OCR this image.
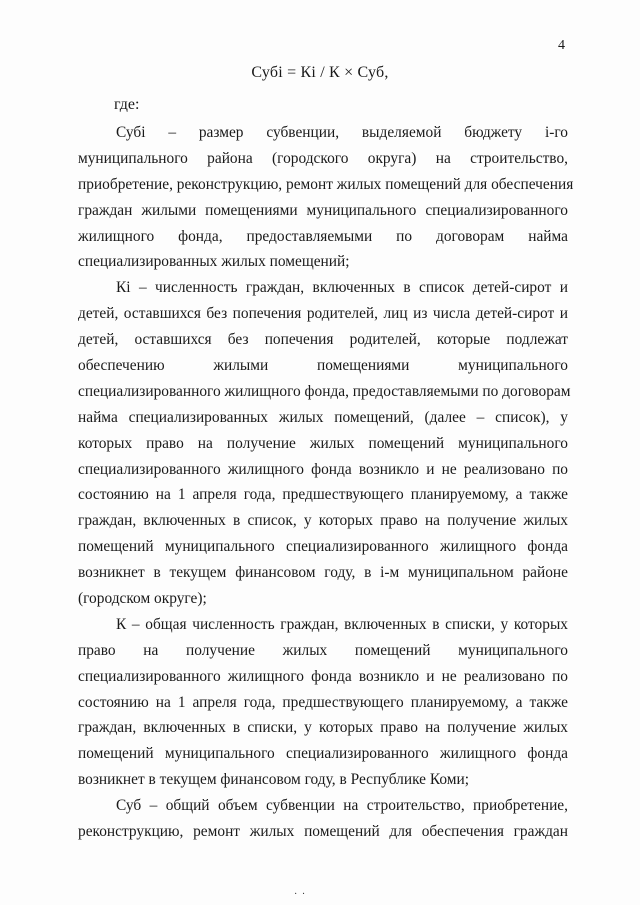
4
Субi = Кi / К × Суб,
где:
Субi – размер субвенции, выделяемой бюджету i-го
муниципального района (городского округа) на строительство,
приобретение, реконструкцию, ремонт жилых помещений для обеспечения
граждан жилыми помещениями муниципального специализированного
жилищного фонда, предоставляемыми по договорам найма
специализированных жилых помещений;
Кi – численность граждан, включенных в список детей-сирот и
детей, оставшихся без попечения родителей, лиц из числа детей-сирот и
детей, оставшихся без попечения родителей, которые подлежат
обеспечению жилыми помещениями муниципального
специализированного жилищного фонда, предоставляемыми по договорам
найма специализированных жилых помещений, (далее – список), у
которых право на получение жилых помещений муниципального
специализированного жилищного фонда возникло и не реализовано по
состоянию на 1 апреля года, предшествующего планируемому, а также
граждан, включенных в список, у которых право на получение жилых
помещений муниципального специализированного жилищного фонда
возникнет в текущем финансовом году, в i-м муниципальном районе
(городском округе);
К – общая численность граждан, включенных в списки, у которых
право на получение жилых помещений муниципального
специализированного жилищного фонда возникло и не реализовано по
состоянию на 1 апреля года, предшествующего планируемому, а также
граждан, включенных в списки, у которых право на получение жилых
помещений муниципального специализированного жилищного фонда
возникнет в текущем финансовом году, в Республике Коми;
Суб – общий объем субвенции на строительство, приобретение,
реконструкцию, ремонт жилых помещений для обеспечения граждан
· ·
